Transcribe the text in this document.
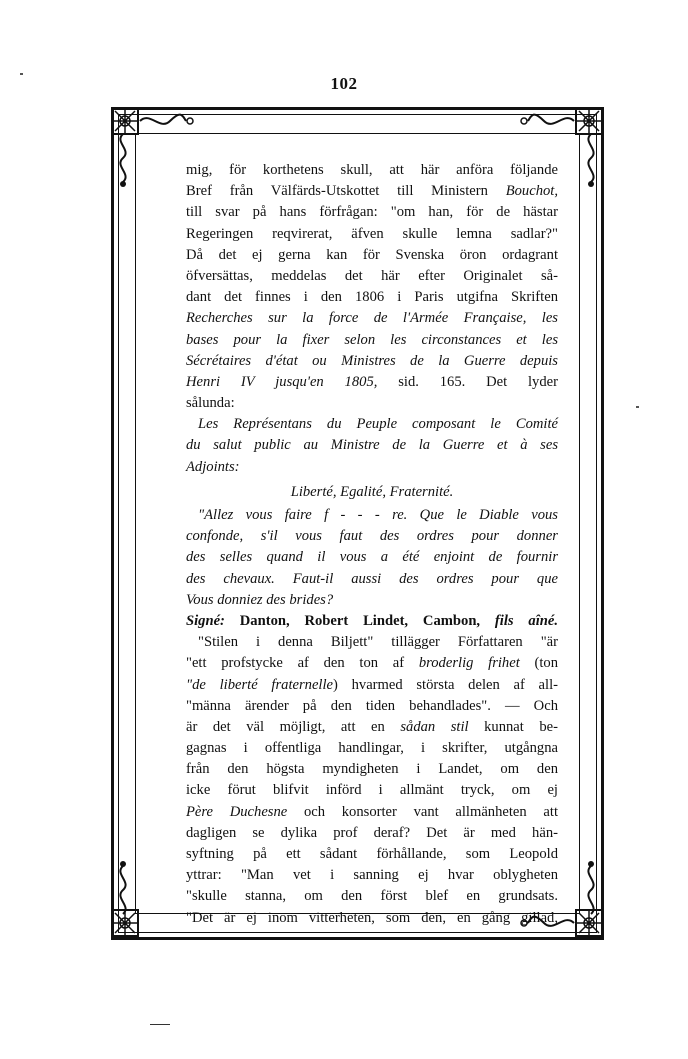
102
mig, för korthetens skull, att här anföra följande
Bref från Välfärds-Utskottet till Ministern Bouchot,
till svar på hans förfrågan: "om han, för de hästar
Regeringen reqvirerat, äfven skulle lemna sadlar?"
Då det ej gerna kan för Svenska öron ordagrant
öfversättas, meddelas det här efter Originalet så-
dant det finnes i den 1806 i Paris utgifna Skriften
Recherches sur la force de l'Armée Française, les
bases pour la fixer selon les circonstances et les
Sécrétaires d'état ou Ministres de la Guerre depuis
Henri IV jusqu'en 1805, sid. 165. Det lyder
sålunda:
Les Représentans du Peuple composant le Comité
du salut public au Ministre de la Guerre et à ses
Adjoints:
Liberté, Egalité, Fraternité.
"Allez vous faire f - - - re. Que le Diable vous
confonde, s'il vous faut des ordres pour donner
des selles quand il vous a été enjoint de fournir
des chevaux. Faut-il aussi des ordres pour que
Vous donniez des brides?
Signé: Danton, Robert Lindet, Cambon, fils aîné.
"Stilen i denna Biljett" tillägger Författaren "är
"ett profstycke af den ton af broderlig frihet (ton
"de liberté fraternelle) hvarmed största delen af all-
"männa ärender på den tiden behandlades". — Och
är det väl möjligt, att en sådan stil kunnat be-
gagnas i offentliga handlingar, i skrifter, utgångna
från den högsta myndigheten i Landet, om den
icke förut blifvit införd i allmänt tryck, om ej
Père Duchesne och konsorter vant allmänheten att
dagligen se dylika prof deraf? Det är med hän-
syftning på ett sådant förhållande, som Leopold
yttrar: "Man vet i sanning ej hvar oblygheten
"skulle stanna, om den först blef en grundsats.
"Det är ej inom vitterheten, som den, en gång gillad,
